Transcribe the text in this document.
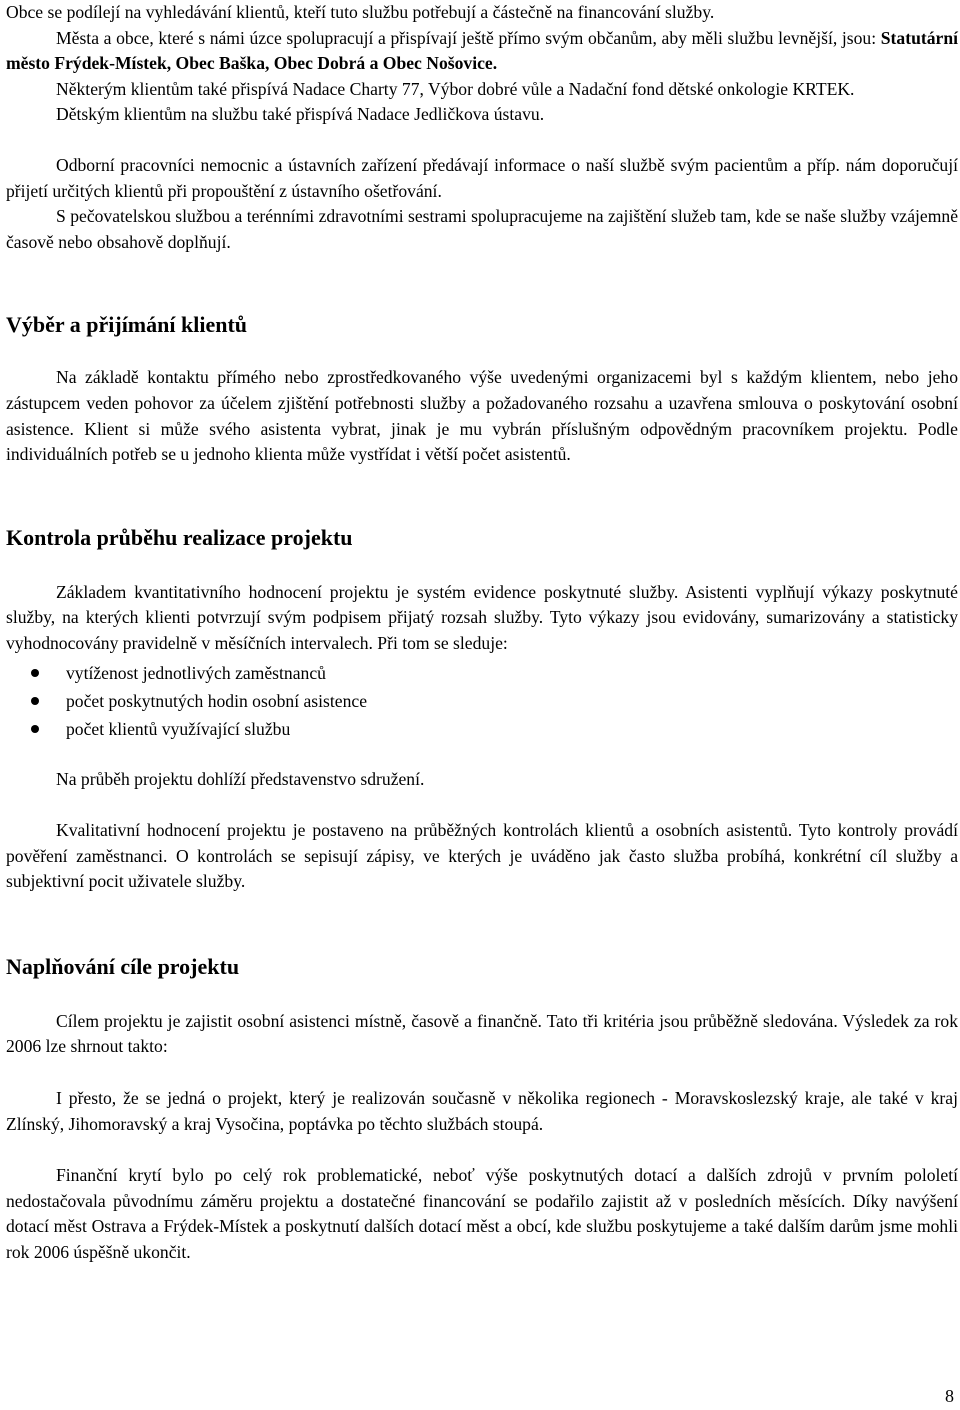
Obce se podílejí na vyhledávání klientů, kteří tuto službu potřebují a částečně na financování služby.

Města a obce, které s námi úzce spolupracují a přispívají ještě přímo svým občanům, aby měli službu levnější, jsou: Statutární město Frýdek-Místek, Obec Baška, Obec Dobrá a Obec Nošovice.

Některým klientům také přispívá Nadace Charty 77, Výbor dobré vůle a Nadační fond dětské onkologie KRTEK.

Dětským klientům na službu také přispívá Nadace Jedličkova ústavu.

Odborní pracovníci nemocnic a ústavních zařízení předávají informace o naší službě svým pacientům a příp. nám doporučují přijetí určitých klientů při propouštění z ústavního ošetřování.

S pečovatelskou službou a terénními zdravotními sestrami spolupracujeme na zajištění služeb tam, kde se naše služby vzájemně časově nebo obsahově doplňují.

Výběr a přijímání klientů

Na základě kontaktu přímého nebo zprostředkovaného výše uvedenými organizacemi byl s každým klientem, nebo jeho zástupcem veden pohovor za účelem zjištění potřebnosti služby a požadovaného rozsahu a uzavřena smlouva o poskytování osobní asistence. Klient si může svého asistenta vybrat, jinak je mu vybrán příslušným odpovědným pracovníkem projektu. Podle individuálních potřeb se u jednoho klienta může vystřídat i větší počet asistentů.

Kontrola průběhu realizace projektu

Základem kvantitativního hodnocení projektu je systém evidence poskytnuté služby. Asistenti vyplňují výkazy poskytnuté služby, na kterých klienti potvrzují svým podpisem přijatý rozsah služby. Tyto výkazy jsou evidovány, sumarizovány a statisticky vyhodnocovány pravidelně v měsíčních intervalech. Při tom se sleduje:

vytíženost jednotlivých zaměstnanců
počet poskytnutých hodin osobní asistence
počet klientů využívající službu

Na průběh projektu dohlíží představenstvo sdružení.

Kvalitativní hodnocení projektu je postaveno na průběžných kontrolách klientů a osobních asistentů. Tyto kontroly provádí pověření zaměstnanci. O kontrolách se sepisují zápisy, ve kterých je uváděno jak často služba probíhá, konkrétní cíl služby a subjektivní pocit uživatele služby.

Naplňování cíle projektu

Cílem projektu je zajistit osobní asistenci místně, časově a finančně. Tato tři kritéria jsou průběžně sledována. Výsledek za rok 2006 lze shrnout takto:

I přesto, že se jedná o projekt, který je realizován současně v několika regionech - Moravskoslezský kraje, ale také v kraj Zlínský, Jihomoravský a kraj Vysočina, poptávka po těchto službách stoupá.

Finanční krytí bylo po celý rok problematické, neboť výše poskytnutých dotací a dalších zdrojů v prvním pololetí nedostačovala původnímu záměru projektu a dostatečné financování se podařilo zajistit až v posledních měsících. Díky navýšení dotací měst Ostrava a Frýdek-Místek a poskytnutí dalších dotací měst a obcí, kde službu poskytujeme a také dalším darům jsme mohli rok 2006 úspěšně ukončit.

8
